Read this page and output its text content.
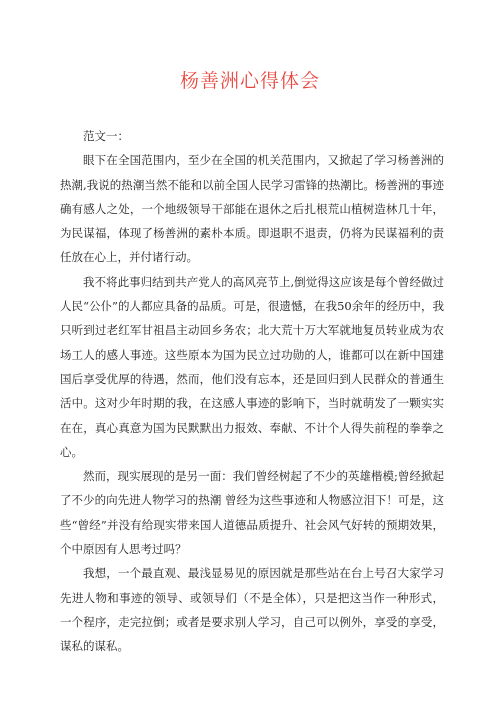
杨善洲心得体会

范文一：

眼下在全国范围内，至少在全国的机关范围内，又掀起了学习杨善洲的热潮,我说的热潮当然不能和以前全国人民学习雷锋的热潮比。杨善洲的事迹确有感人之处，一个地级领导干部能在退休之后扎根荒山植树造林几十年，为民谋福，体现了杨善洲的素朴本质。即退职不退责，仍将为民谋福利的责任放在心上，并付诸行动。

我不将此事归结到共产党人的高风亮节上,倒觉得这应该是每个曾经做过人民“公仆”的人都应具备的品质。可是，很遗憾，在我50余年的经历中，我只听到过老红军甘祖昌主动回乡务农；北大荒十万大军就地复员转业成为农场工人的感人事迹。这些原本为国为民立过功勋的人，谁都可以在新中国建国后享受优厚的待遇，然而，他们没有忘本，还是回归到人民群众的普通生活中。这对少年时期的我，在这感人事迹的影响下，当时就萌发了一颗实实在在，真心真意为国为民默默出力报效、奉献、不计个人得失前程的拳拳之心。

然而，现实展现的是另一面：我们曾经树起了不少的英雄楷模;曾经掀起了不少的向先进人物学习的热潮 曾经为这些事迹和人物感泣泪下！可是，这些“曾经”并没有给现实带来国人道德品质提升、社会风气好转的预期效果，个中原因有人思考过吗？

我想，一个最直观、最浅显易见的原因就是那些站在台上号召大家学习先进人物和事迹的领导、或领导们（不是全体），只是把这当作一种形式，一个程序，走完拉倒；或者是要求别人学习，自己可以例外，享受的享受，谋私的谋私。
